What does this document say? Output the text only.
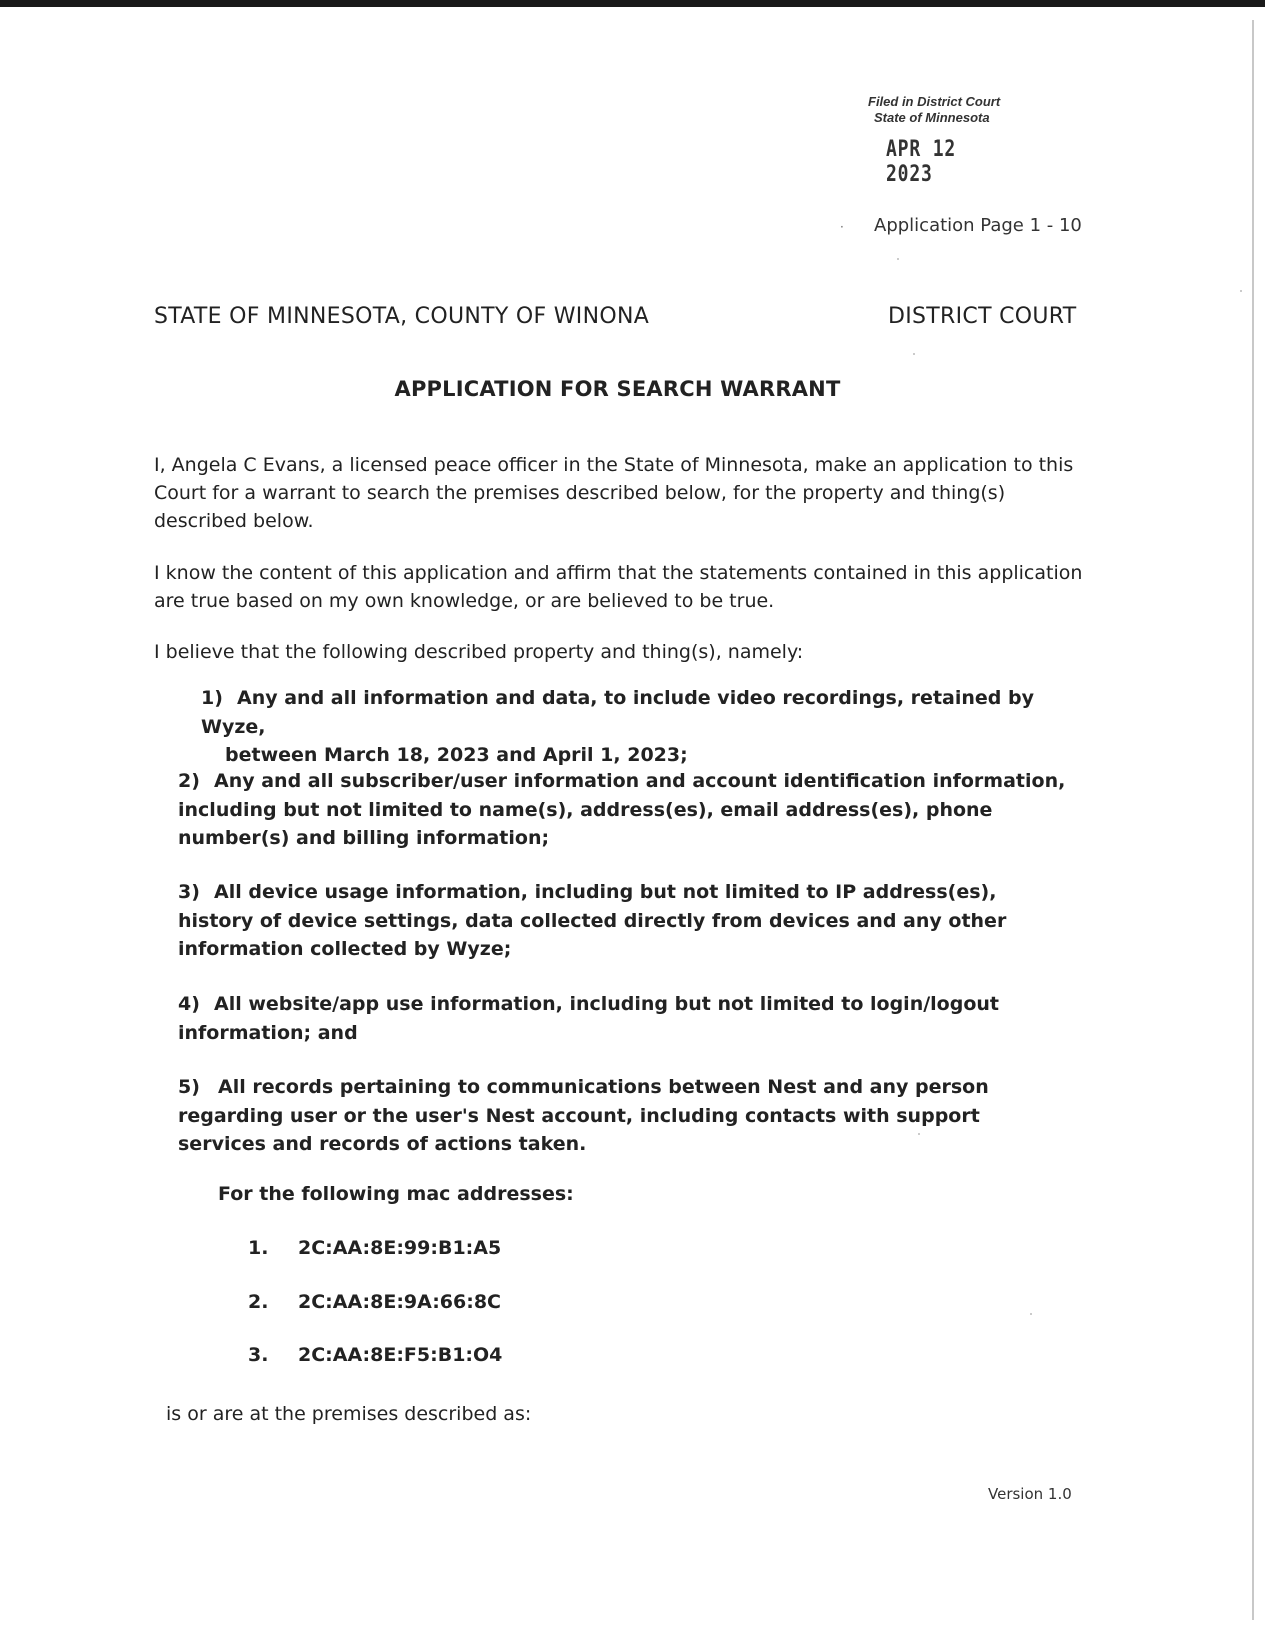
Filed in District Court
State of Minnesota
APR 12 2023
· Application Page 1 - 10
STATE OF MINNESOTA, COUNTY OF WINONA	DISTRICT COURT
APPLICATION FOR SEARCH WARRANT
I, Angela C Evans, a licensed peace officer in the State of Minnesota, make an application to this Court for a warrant to search the premises described below, for the property and thing(s) described below.
I know the content of this application and affirm that the statements contained in this application are true based on my own knowledge, or are believed to be true.
I believe that the following described property and thing(s), namely:
1) Any and all information and data, to include video recordings, retained by Wyze,
between March 18, 2023 and April 1, 2023;
2) Any and all subscriber/user information and account identification information, including but not limited to name(s), address(es), email address(es), phone number(s) and billing information;
3) All device usage information, including but not limited to IP address(es), history of device settings, data collected directly from devices and any other information collected by Wyze;
4) All website/app use information, including but not limited to login/logout information; and
5) All records pertaining to communications between Nest and any person regarding user or the user's Nest account, including contacts with support services and records of actions taken.
For the following mac addresses:
1. 2C:AA:8E:99:B1:A5
2. 2C:AA:8E:9A:66:8C
3. 2C:AA:8E:F5:B1:O4
is or are at the premises described as:
Version 1.0
